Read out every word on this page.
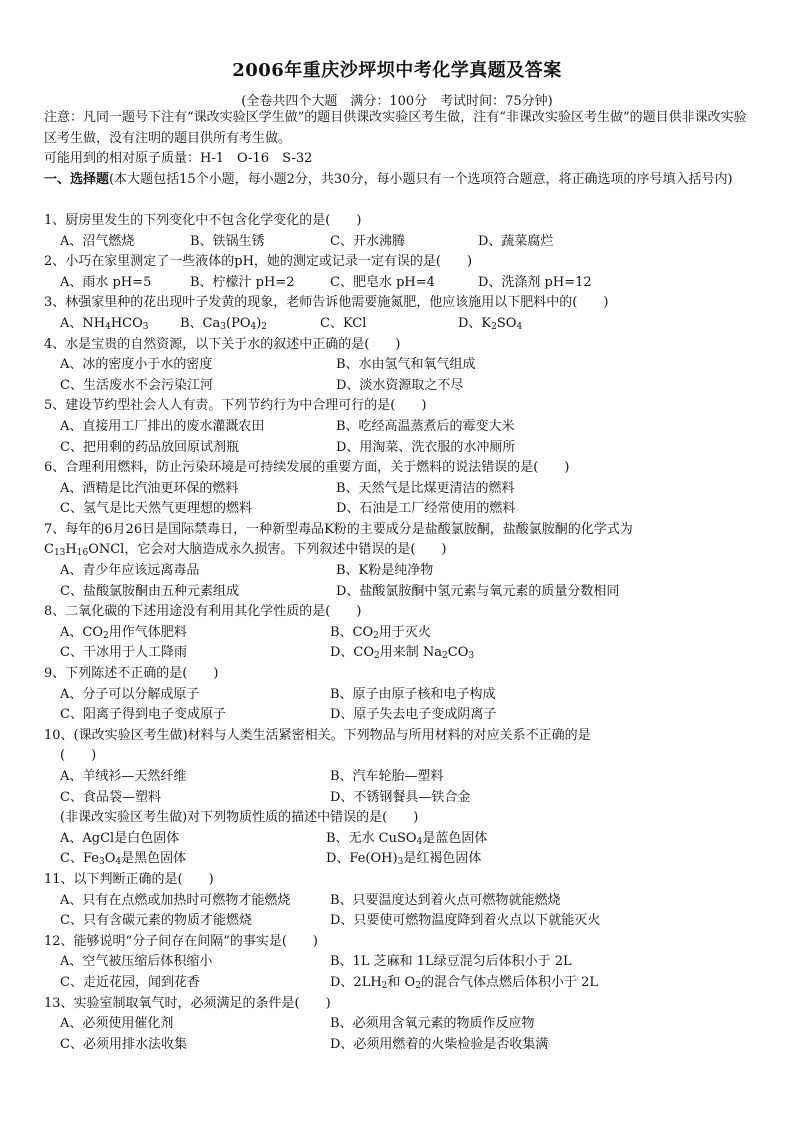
2006年重庆沙坪坝中考化学真题及答案
(全卷共四个大题　满分：100分　考试时间：75分钟)
注意：凡同一题号下注有“课改实验区学生做”的题目供课改实验区考生做，注有“非课改实验区考生做”的题目供非课改实验区考生做，没有注明的题目供所有考生做。
可能用到的相对原子质量：H-1　O-16　S-32
一、选择题(本大题包括15个小题，每小题2分，共30分，每小题只有一个选项符合题意，将正确选项的序号填入括号内)
1、厨房里发生的下列变化中不包含化学变化的是(　　)
A、沼气燃烧	B、铁锅生锈	C、开水沸腾	D、蔬菜腐烂
2、小巧在家里测定了一些液体的pH，她的测定或记录一定有误的是(　　)
A、雨水 pH=5	B、柠檬汁 pH=2	C、肥皂水 pH=4	D、洗涤剂 pH=12
3、林强家里种的花出现叶子发黄的现象，老师告诉他需要施氮肥，他应该施用以下肥料中的(　　)
A、$NH_4HCO_3$ B、$Ca_3(PO_4)_2$	C、KCl	D、$K_2SO_4$
4、水是宝贵的自然资源，以下关于水的叙述中正确的是(　　)
A、冰的密度小于水的密度	B、水由氢气和氧气组成
C、生活废水不会污染江河	D、淡水资源取之不尽
5、建设节约型社会人人有责。下列节约行为中合理可行的是(　　)
A、直接用工厂排出的废水灌溉农田	B、吃经高温蒸煮后的霉变大米
C、把用剩的药品放回原试剂瓶	D、用淘菜、洗衣服的水冲厕所
6、合理利用燃料，防止污染环境是可持续发展的重要方面，关于燃料的说法错误的是(　　)
A、酒精是比汽油更环保的燃料	B、天然气是比煤更清洁的燃料
C、氢气是比天然气更理想的燃料	D、石油是工厂经常使用的燃料
7、每年的6月26日是国际禁毒日，一种新型毒品K粉的主要成分是盐酸氯胺酮，盐酸氯胺酮的化学式为
$C_{13}H_{16}ONCl$，它会对大脑造成永久损害。下列叙述中错误的是(　　)
A、青少年应该远离毒品	B、K粉是纯净物
C、盐酸氯胺酮由五种元素组成	D、盐酸氯胺酮中氢元素与氧元素的质量分数相同
8、二氧化碳的下述用途没有利用其化学性质的是(　　)
A、$CO_2$用作气体肥料	B、$CO_2$用于灭火
C、干冰用于人工降雨	D、$CO_2$用来制 $Na_2CO_3$
9、下列陈述不正确的是(　　)
A、分子可以分解成原子	B、原子由原子核和电子构成
C、阳离子得到电子变成原子	D、原子失去电子变成阴离子
10、(课改实验区考生做)材料与人类生活紧密相关。下列物品与所用材料的对应关系不正确的是
(　　)
A、羊绒衫—天然纤维	B、汽车轮胎—塑料
C、食品袋—塑料	D、不锈钢餐具—铁合金
(非课改实验区考生做)对下列物质性质的描述中错误的是(　　)
A、AgCl是白色固体	B、无水 CuSO$_4$是蓝色固体
C、$Fe_3O_4$是黑色固体	D、$Fe(OH)_3$是红褐色固体
11、以下判断正确的是(　　)
A、只有在点燃或加热时可燃物才能燃烧	B、只要温度达到着火点可燃物就能燃烧
C、只有含碳元素的物质才能燃烧	D、只要使可燃物温度降到着火点以下就能灭火
12、能够说明“分子间存在间隔”的事实是(　　)
A、空气被压缩后体积缩小	B、1L 芝麻和 1L绿豆混匀后体积小于 2L
C、走近花园，闻到花香	D、$2LH_2$和 $O_2$的混合气体点燃后体积小于 2L
13、实验室制取氧气时，必须满足的条件是(　　)
A、必须使用催化剂	B、必须用含氧元素的物质作反应物
C、必须用排水法收集	D、必须用燃着的火柴检验是否收集满
